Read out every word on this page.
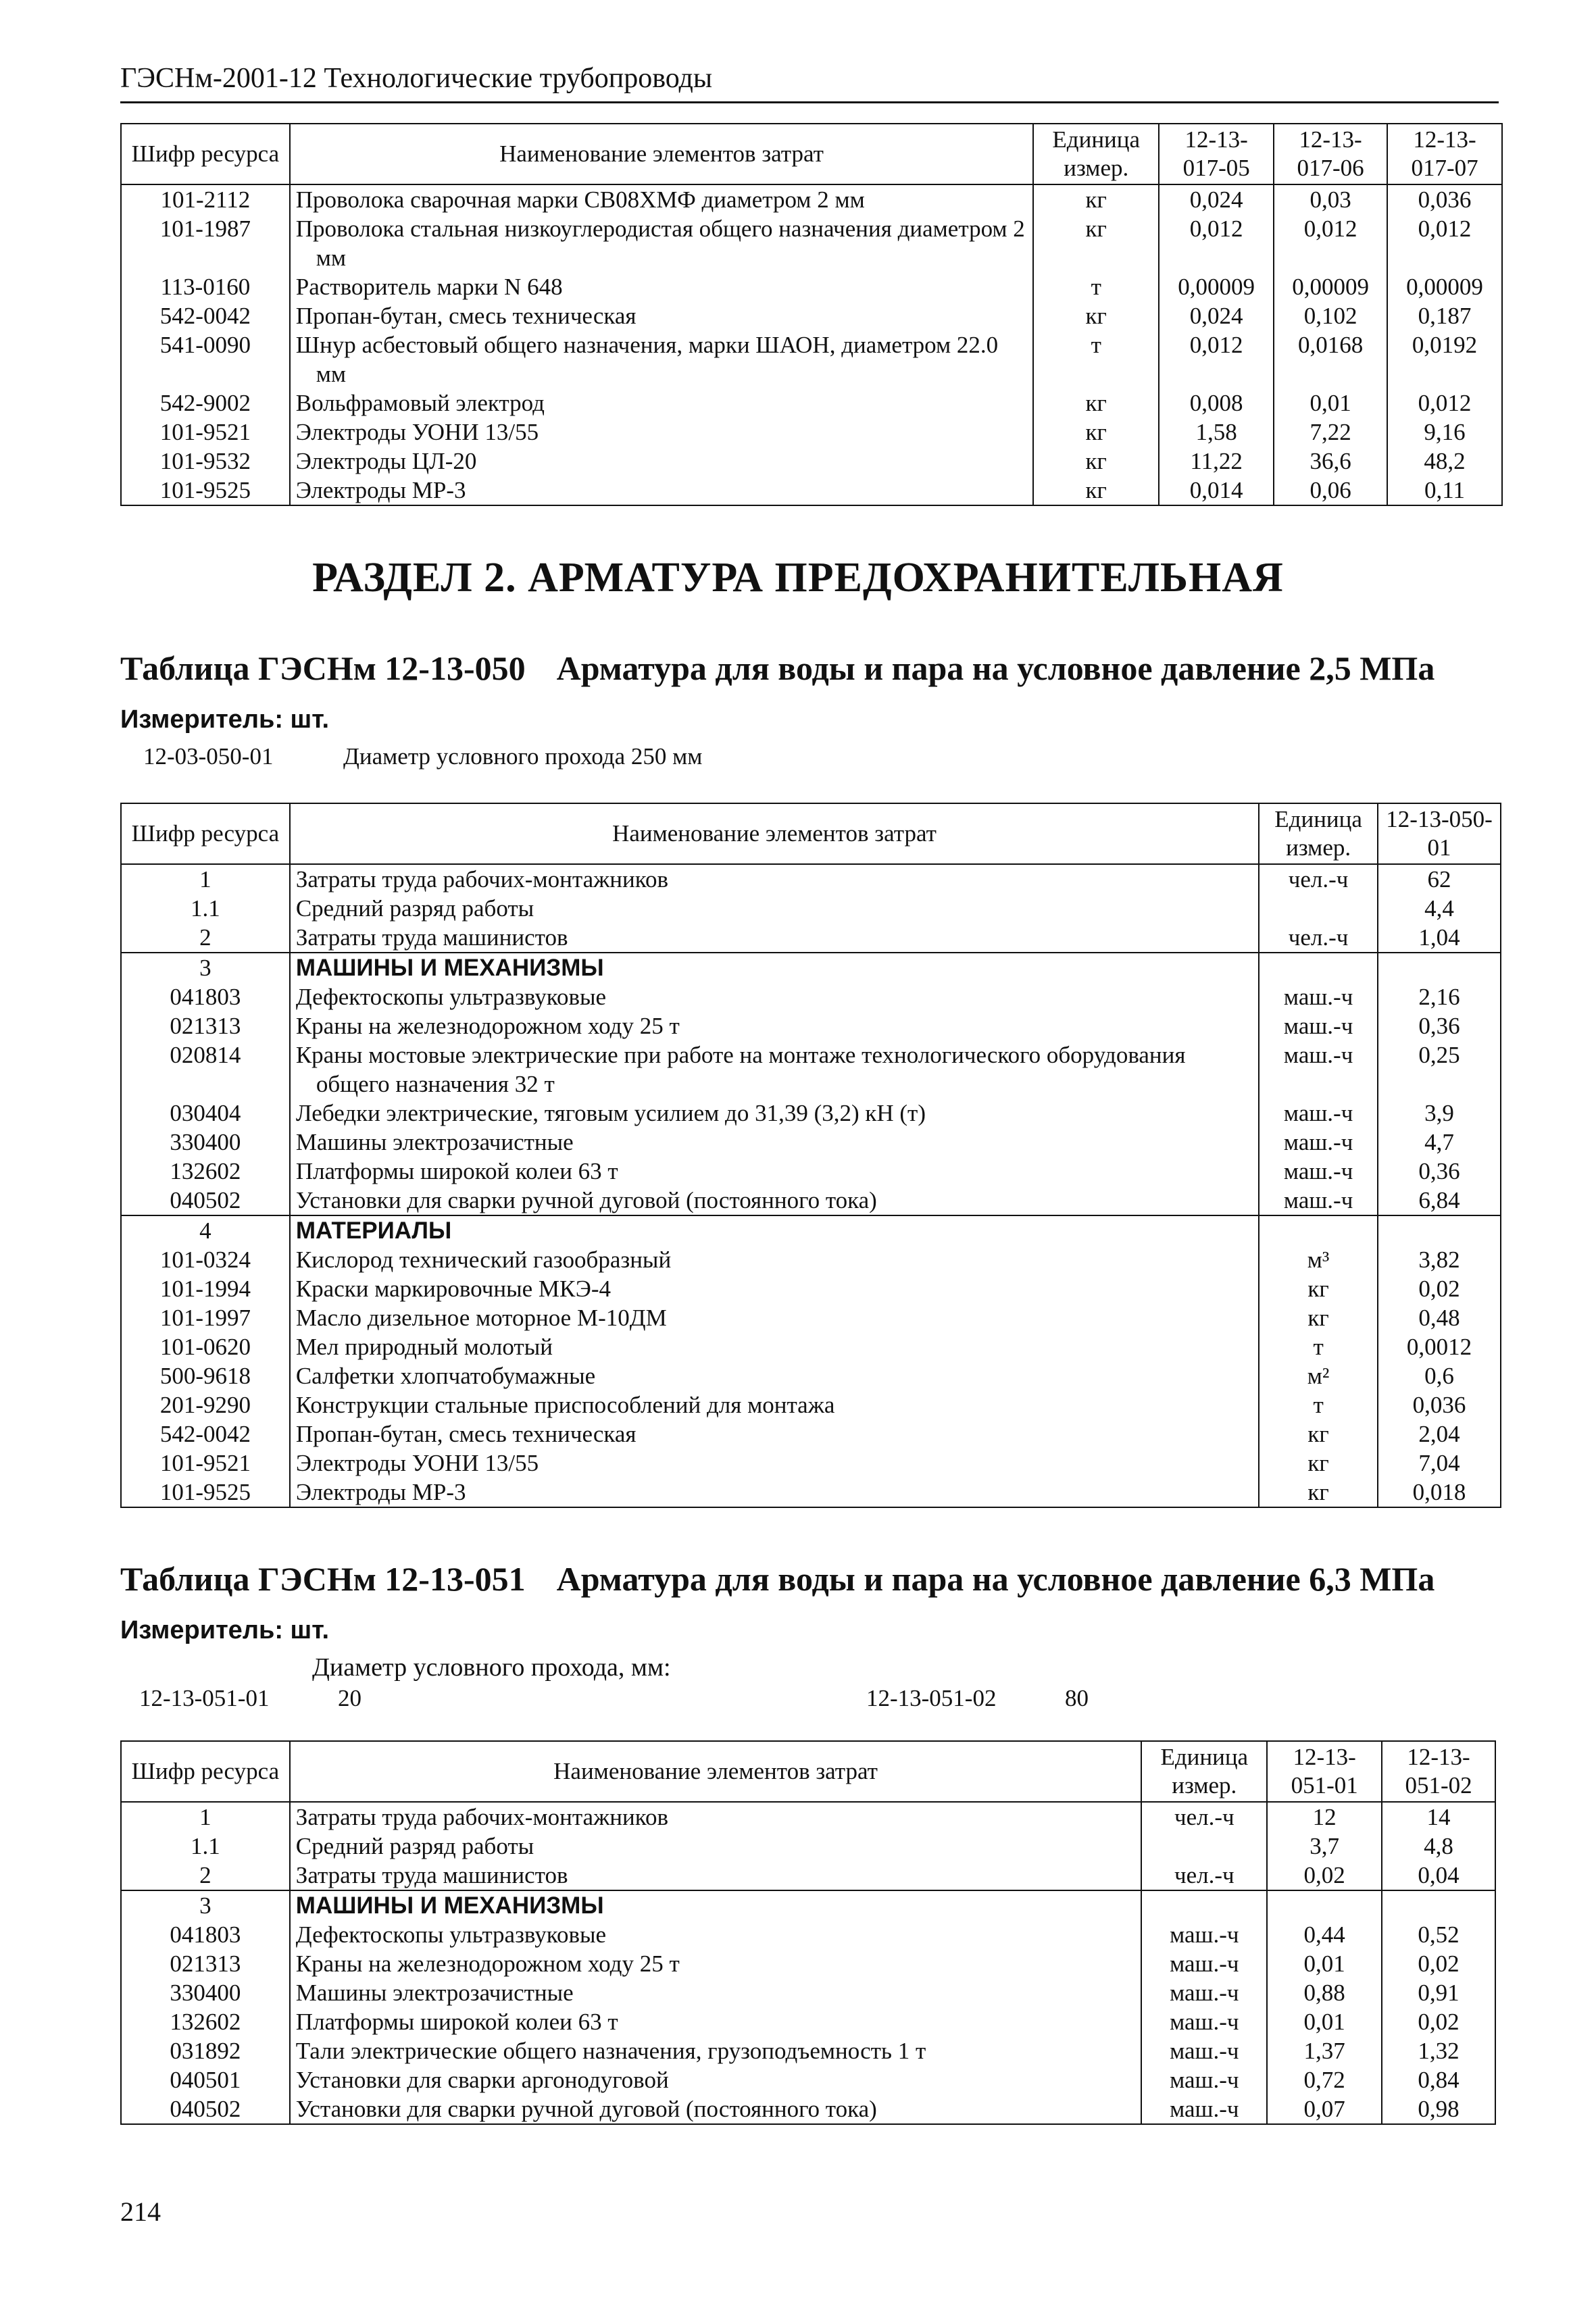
ГЭСНм-2001-12 Технологические трубопроводы
Шифр ресурса	Наименование элементов затрат	Единица измер.	12-13-017-05	12-13-017-06	12-13-017-07
101-2112	Проволока сварочная марки СВ08ХМФ диаметром 2 мм	кг	0,024	0,03	0,036
101-1987	Проволока стальная низкоуглеродистая общего назначения диаметром 2 мм	кг	0,012	0,012	0,012
113-0160	Растворитель марки N 648	т	0,00009	0,00009	0,00009
542-0042	Пропан-бутан, смесь техническая	кг	0,024	0,102	0,187
541-0090	Шнур асбестовый общего назначения, марки ШАОН, диаметром 22.0 мм	т	0,012	0,0168	0,0192
542-9002	Вольфрамовый электрод	кг	0,008	0,01	0,012
101-9521	Электроды УОНИ 13/55	кг	1,58	7,22	9,16
101-9532	Электроды ЦЛ-20	кг	11,22	36,6	48,2
101-9525	Электроды МР-3	кг	0,014	0,06	0,11
РАЗДЕЛ 2. АРМАТУРА ПРЕДОХРАНИТЕЛЬНАЯ
Таблица ГЭСНм 12-13-050 Арматура для воды и пара на условное давление 2,5 МПа
Измеритель: шт.
12-03-050-01	Диаметр условного прохода 250 мм
Шифр ресурса	Наименование элементов затрат	Единица измер.	12-13-050-01
1	Затраты труда рабочих-монтажников	чел.-ч	62
1.1	Средний разряд работы		4,4
2	Затраты труда машинистов	чел.-ч	1,04
3	МАШИНЫ И МЕХАНИЗМЫ		

041803	Дефектоскопы ультразвуковые	маш.-ч	2,16
021313	Краны на железнодорожном ходу 25 т	маш.-ч	0,36
020814	Краны мостовые электрические при работе на монтаже технологического оборудования общего назначения 32 т	маш.-ч	0,25
030404	Лебедки электрические, тяговым усилием до 31,39 (3,2) кН (т)	маш.-ч	3,9
330400	Машины электрозачистные	маш.-ч	4,7
132602	Платформы широкой колеи 63 т	маш.-ч	0,36
040502	Установки для сварки ручной дуговой (постоянного тока)	маш.-ч	6,84
4	МАТЕРИАЛЫ		

101-0324	Кислород технический газообразный	м³	3,82
101-1994	Краски маркировочные МКЭ-4	кг	0,02
101-1997	Масло дизельное моторное М-10ДМ	кг	0,48
101-0620	Мел природный молотый	т	0,0012
500-9618	Салфетки хлопчатобумажные	м²	0,6
201-9290	Конструкции стальные приспособлений для монтажа	т	0,036
542-0042	Пропан-бутан, смесь техническая	кг	2,04
101-9521	Электроды УОНИ 13/55	кг	7,04
101-9525	Электроды МР-3	кг	0,018
Таблица ГЭСНм 12-13-051 Арматура для воды и пара на условное давление 6,3 МПа
Измеритель: шт.
Диаметр условного прохода, мм:
12-13-051-01	20	12-13-051-02	80
Шифр ресурса	Наименование элементов затрат	Единица измер.	12-13-051-01	12-13-051-02
1	Затраты труда рабочих-монтажников	чел.-ч	12	14
1.1	Средний разряд работы		3,7	4,8
2	Затраты труда машинистов	чел.-ч	0,02	0,04
3	МАШИНЫ И МЕХАНИЗМЫ			

041803	Дефектоскопы ультразвуковые	маш.-ч	0,44	0,52
021313	Краны на железнодорожном ходу 25 т	маш.-ч	0,01	0,02
330400	Машины электрозачистные	маш.-ч	0,88	0,91
132602	Платформы широкой колеи 63 т	маш.-ч	0,01	0,02
031892	Тали электрические общего назначения, грузоподъемность 1 т	маш.-ч	1,37	1,32
040501	Установки для сварки аргонодуговой	маш.-ч	0,72	0,84
040502	Установки для сварки ручной дуговой (постоянного тока)	маш.-ч	0,07	0,98
214
